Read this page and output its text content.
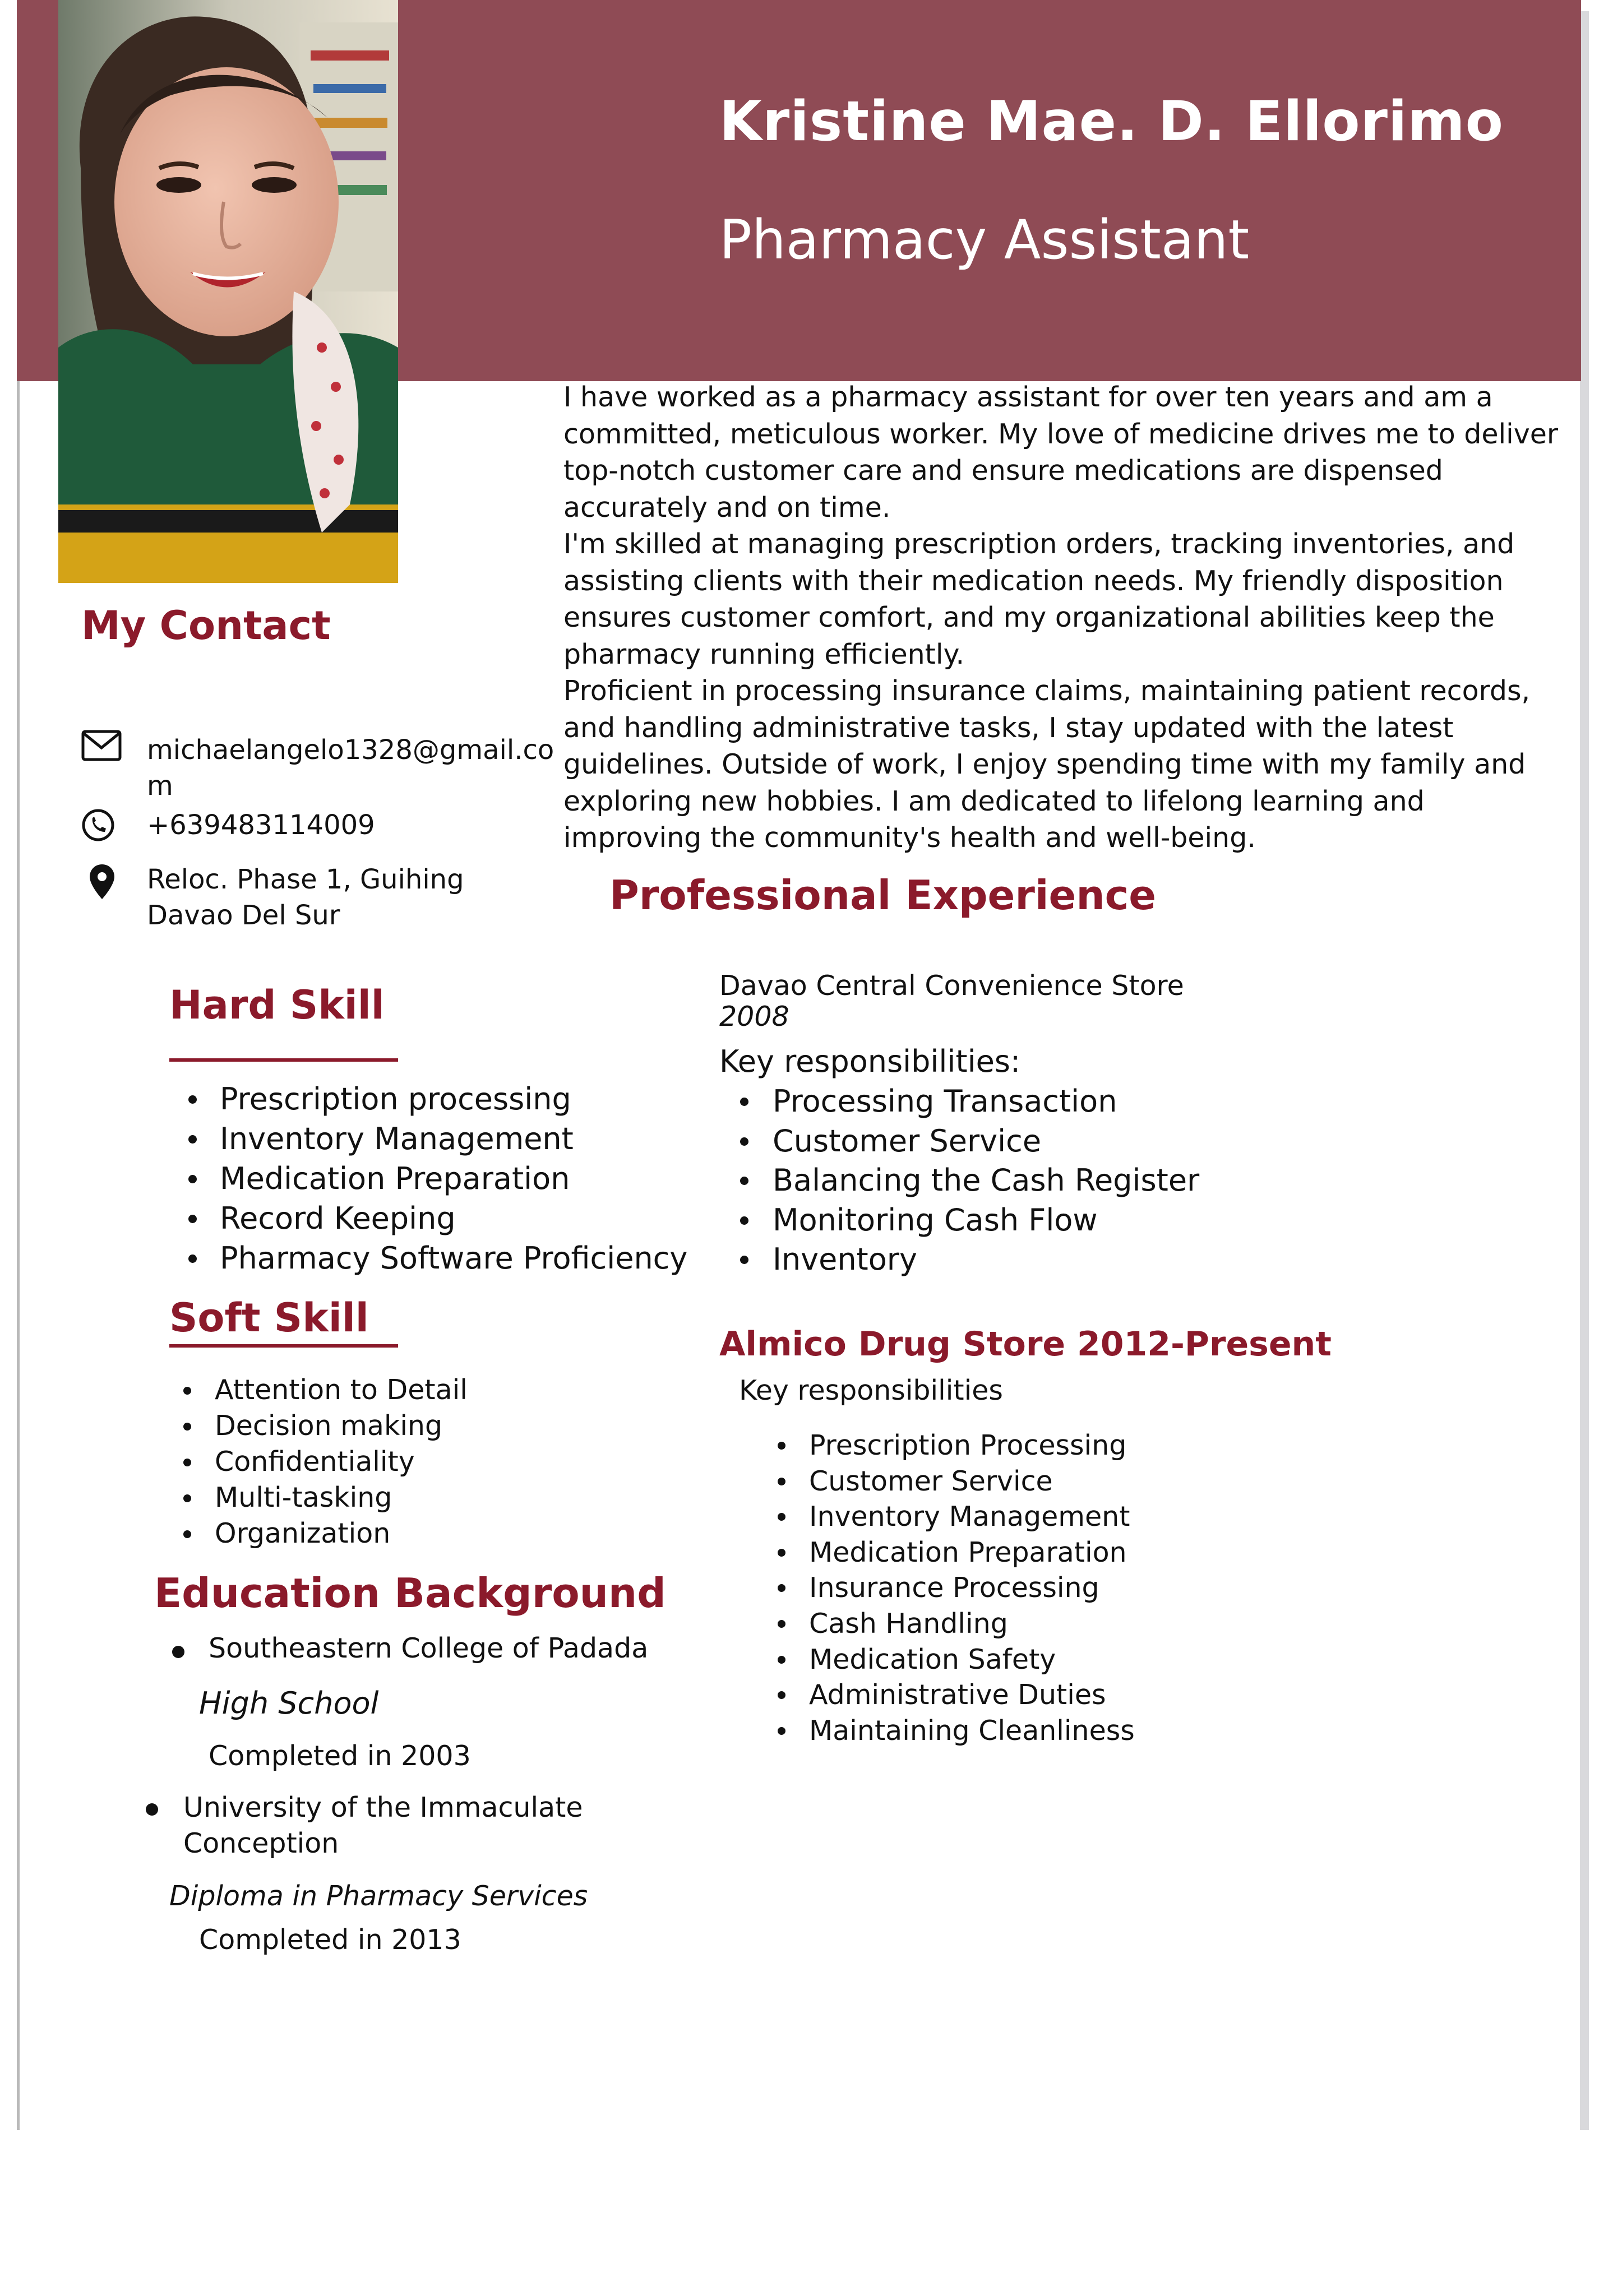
Kristine Mae. D. Ellorimo
Pharmacy Assistant

I have worked as a pharmacy assistant for over ten years and am a committed, meticulous worker. My love of medicine drives me to deliver top-notch customer care and ensure medications are dispensed accurately and on time.

I'm skilled at managing prescription orders, tracking inventories, and assisting clients with their medication needs. My friendly disposition ensures customer comfort, and my organizational abilities keep the pharmacy running efficiently.

Proficient in processing insurance claims, maintaining patient records, and handling administrative tasks, I stay updated with the latest guidelines. Outside of work, I enjoy spending time with my family and exploring new hobbies. I am dedicated to lifelong learning and improving the community's health and well-being.

My Contact
michaelangelo1328@gmail.co
m
+639483114009
Reloc. Phase 1, Guihing
Davao Del Sur
Hard Skill
Prescription processing
Inventory Management
Medication Preparation
Record Keeping
Pharmacy Software Proficiency
Soft Skill
Attention to Detail
Decision making
Confidentiality
Multi-tasking
Organization
Education Background
Southeastern College of Padada
High School
Completed in 2003
University of the Immaculate
Conception
Diploma in Pharmacy Services
Completed in 2013
Professional Experience
Davao Central Convenience Store
2008
Key responsibilities:
Processing Transaction
Customer Service
Balancing the Cash Register
Monitoring Cash Flow
Inventory
Almico Drug Store 2012-Present
Key responsibilities
Prescription Processing
Customer Service
Inventory Management
Medication Preparation
Insurance Processing
Cash Handling
Medication Safety
Administrative Duties
Maintaining Cleanliness
